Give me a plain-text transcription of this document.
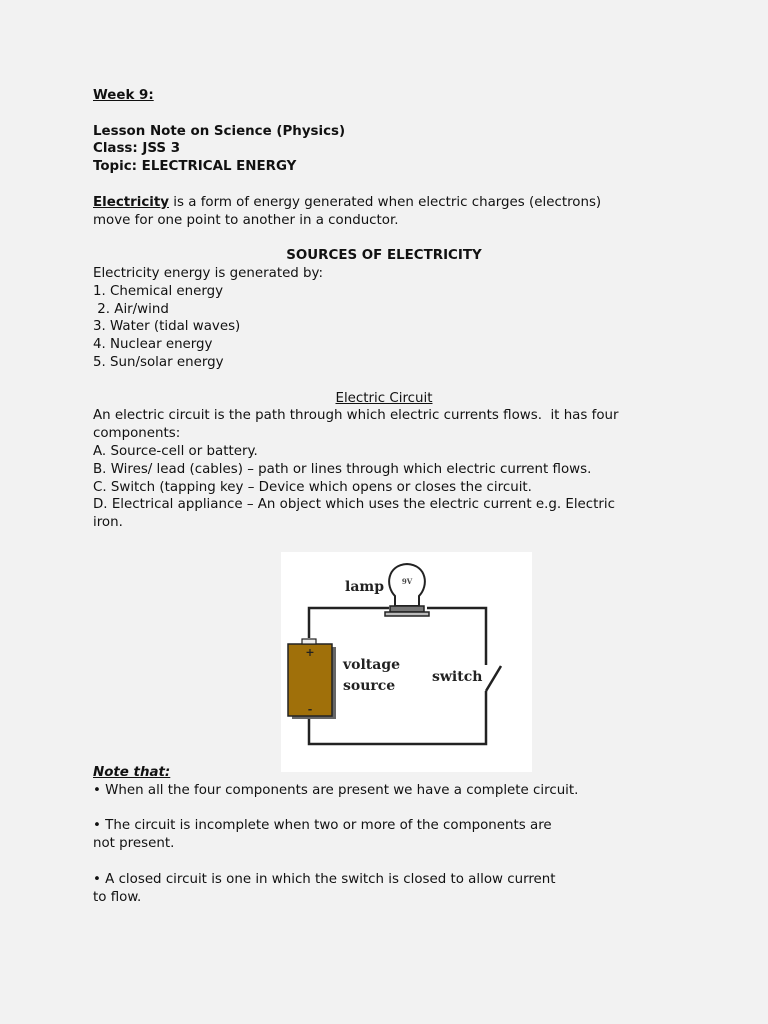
Week 9:

Lesson Note on Science (Physics)

Class: JSS 3

Topic: ELECTRICAL ENERGY

Electricity is a form of energy generated when electric charges (electrons)

move for one point to another in a conductor.

SOURCES OF ELECTRICITY

Electricity energy is generated by:

1. Chemical energy

2. Air/wind

3. Water (tidal waves)

4. Nuclear energy

5. Sun/solar energy

Electric Circuit

An electric circuit is the path through which electric currents flows.  it has four

components:

A. Source-cell or battery.

B. Wires/ lead (cables) – path or lines through which electric current flows.

C. Switch (tapping key – Device which opens or closes the circuit.

D. Electrical appliance – An object which uses the electric current e.g. Electric

iron.

9V
+
-
lamp
voltage
source
switch

Note that:

• When all the four components are present we have a complete circuit.

• The circuit is incomplete when two or more of the components are

not present.

• A closed circuit is one in which the switch is closed to allow current

to flow.
